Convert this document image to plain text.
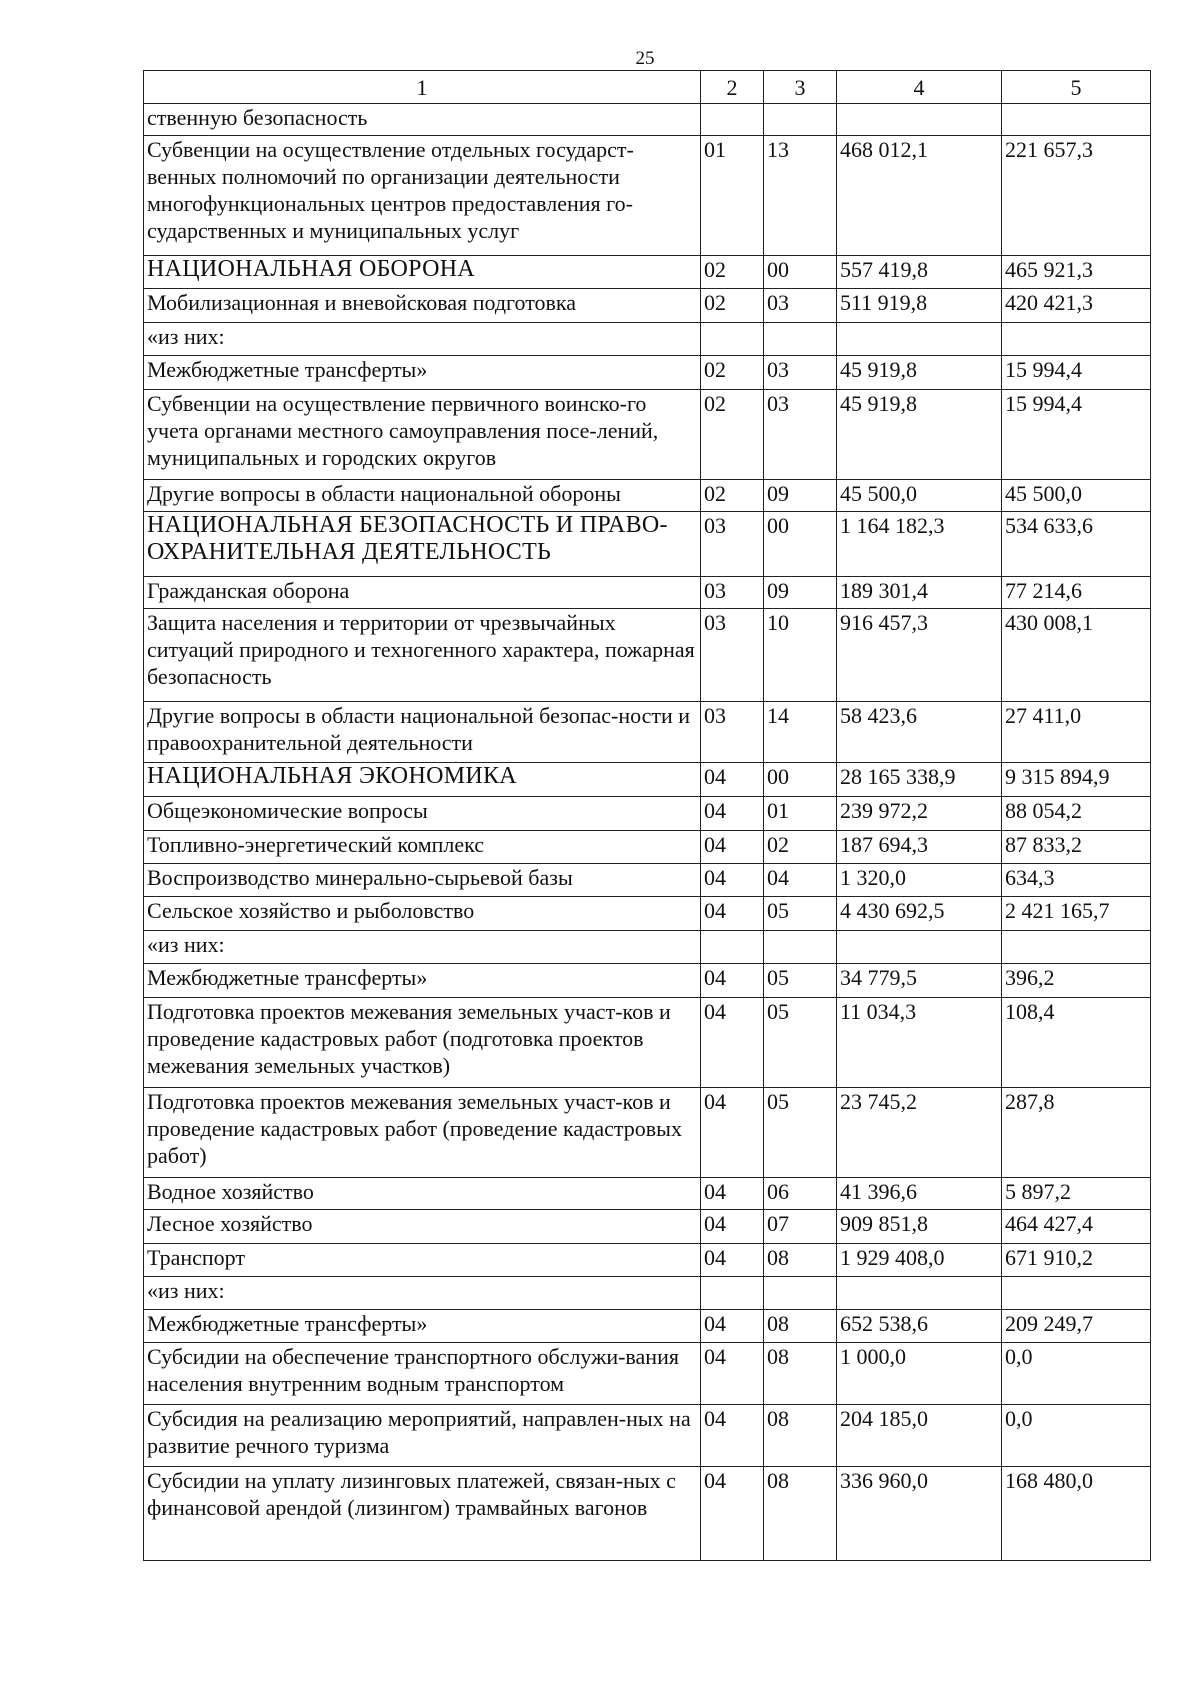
25
1	2	3	4	5
ственную безопасность				
Субвенции на осуществление отдельных государст-венных полномочий по организации деятельности многофункциональных центров предоставления го-сударственных и муниципальных услуг	01	13	468 012,1	221 657,3
НАЦИОНАЛЬНАЯ ОБОРОНА	02	00	557 419,8	465 921,3
Мобилизационная и вневойсковая подготовка	02	03	511 919,8	420 421,3
«из них:				
Межбюджетные трансферты»	02	03	45 919,8	15 994,4
Субвенции на осуществление первичного воинско-го учета органами местного самоуправления посе-лений, муниципальных и городских округов	02	03	45 919,8	15 994,4
Другие вопросы в области национальной обороны	02	09	45 500,0	45 500,0
НАЦИОНАЛЬНАЯ БЕЗОПАСНОСТЬ И ПРАВО-ОХРАНИТЕЛЬНАЯ ДЕЯТЕЛЬНОСТЬ	03	00	1 164 182,3	534 633,6
Гражданская оборона	03	09	189 301,4	77 214,6
Защита населения и территории от чрезвычайных ситуаций природного и техногенного характера, пожарная безопасность	03	10	916 457,3	430 008,1
Другие вопросы в области национальной безопас-ности и правоохранительной деятельности	03	14	58 423,6	27 411,0
НАЦИОНАЛЬНАЯ ЭКОНОМИКА	04	00	28 165 338,9	9 315 894,9
Общеэкономические вопросы	04	01	239 972,2	88 054,2
Топливно-энергетический комплекс	04	02	187 694,3	87 833,2
Воспроизводство минерально-сырьевой базы	04	04	1 320,0	634,3
Сельское хозяйство и рыболовство	04	05	4 430 692,5	2 421 165,7
«из них:				
Межбюджетные трансферты»	04	05	34 779,5	396,2
Подготовка проектов межевания земельных участ-ков и проведение кадастровых работ (подготовка проектов межевания земельных участков)	04	05	11 034,3	108,4
Подготовка проектов межевания земельных участ-ков и проведение кадастровых работ (проведение кадастровых работ)	04	05	23 745,2	287,8
Водное хозяйство	04	06	41 396,6	5 897,2
Лесное хозяйство	04	07	909 851,8	464 427,4
Транспорт	04	08	1 929 408,0	671 910,2
«из них:				
Межбюджетные трансферты»	04	08	652 538,6	209 249,7
Субсидии на обеспечение транспортного обслужи-вания населения внутренним водным транспортом	04	08	1 000,0	0,0
Субсидия на реализацию мероприятий, направлен-ных на развитие речного туризма	04	08	204 185,0	0,0
Субсидии на уплату лизинговых платежей, связан-ных с финансовой арендой (лизингом) трамвайных вагонов	04	08	336 960,0	168 480,0
